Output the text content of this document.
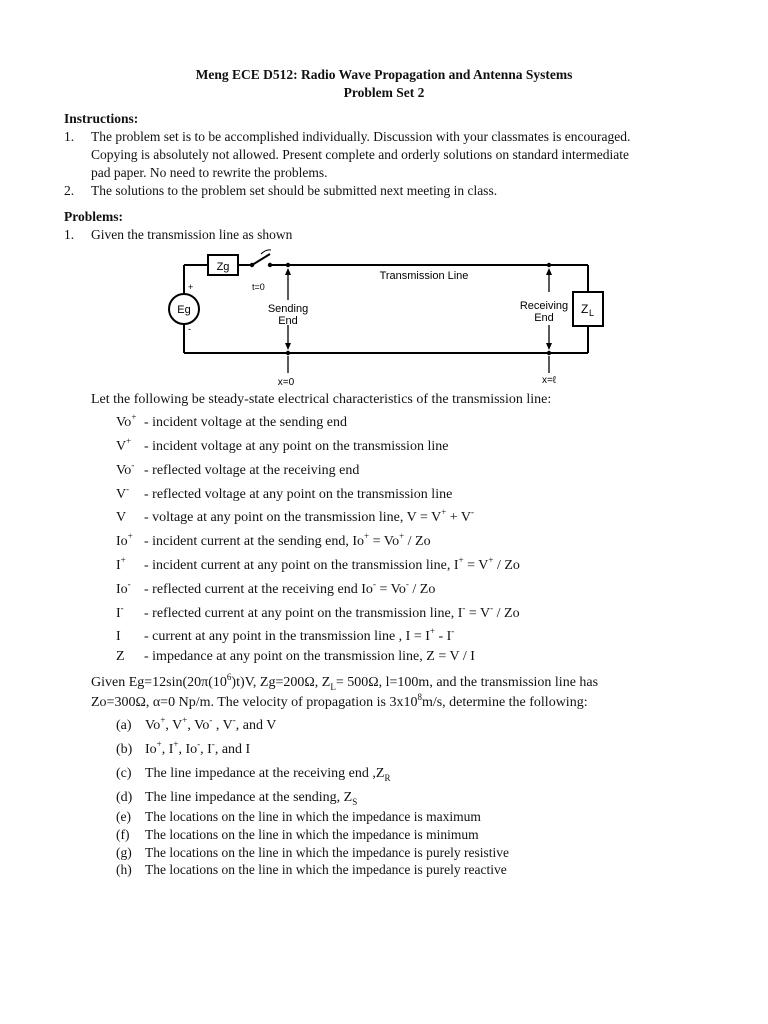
Meng ECE D512: Radio Wave Propagation and Antenna Systems
Problem Set 2
Instructions:
1. The problem set is to be accomplished individually. Discussion with your classmates is encouraged.
Copying is absolutely not allowed. Present complete and orderly solutions on standard intermediate
pad paper. No need to rewrite the problems.
2. The solutions to the problem set should be submitted next meeting in class.
Problems:
1. Given the transmission line as shown
Zg
Eg
+
-
t=0
Transmission Line
Sending
End
Receiving
End
Z L
x=0	x=ℓ
Let the following be steady-state electrical characteristics of the transmission line:
Vo+ - incident voltage at the sending end
V+ - incident voltage at any point on the transmission line
Vo- - reflected voltage at the receiving end
V- - reflected voltage at any point on the transmission line
V - voltage at any point on the transmission line, V = V+ + V-
Io+ - incident current at the sending end, Io+ = Vo+ / Zo
I+ - incident current at any point on the transmission line, I+ = V+ / Zo
Io- - reflected current at the receiving end Io- = Vo- / Zo
I- - reflected current at any point on the transmission line, I- = V- / Zo
I - current at any point in the transmission line , I = I+ - I-
Z - impedance at any point on the transmission line, Z = V / I
Given $Eg=12\sin(20\pi(10^6)t)V$, Zg=200Ω, $Z_L= 500\Omega$, l=100m, and the transmission line has
Zo=300Ω, α=0 Np/m. The velocity of propagation is $3x10^8m/s$, determine the following:
(a) Vo+, V+, Vo- , V-, and V
(b) Io+, I+, Io-, I-, and I
(c) The line impedance at the receiving end $,Z_R$
(d) The line impedance at the sending, $Z_S$
(e) The locations on the line in which the impedance is maximum
(f) The locations on the line in which the impedance is minimum
(g) The locations on the line in which the impedance is purely resistive
(h) The locations on the line in which the impedance is purely reactive
